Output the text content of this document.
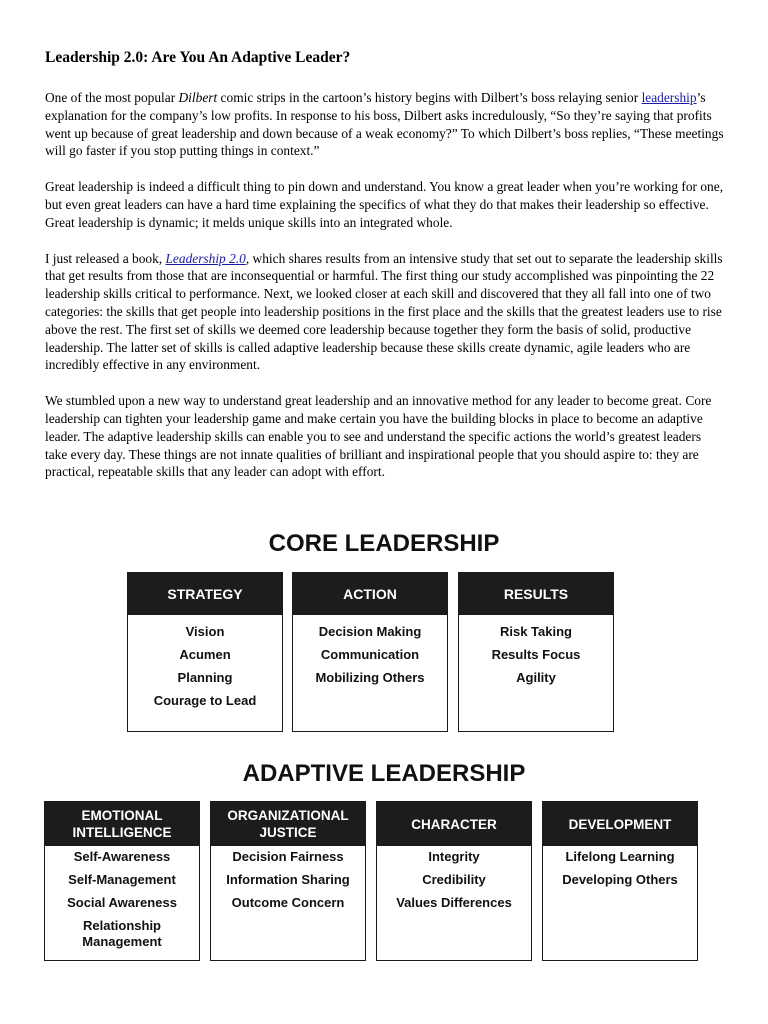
Leadership 2.0: Are You An Adaptive Leader?

One of the most popular Dilbert comic strips in the cartoon’s history begins with Dilbert’s boss relaying senior leadership’s explanation for the company’s low profits. In response to his boss, Dilbert asks incredulously, “So they’re saying that profits went up because of great leadership and down because of a weak economy?” To which Dilbert’s boss replies, “These meetings will go faster if you stop putting things in context.”

Great leadership is indeed a difficult thing to pin down and understand. You know a great leader when you’re working for one, but even great leaders can have a hard time explaining the specifics of what they do that makes their leadership so effective. Great leadership is dynamic; it melds unique skills into an integrated whole.

I just released a book, Leadership 2.0, which shares results from an intensive study that set out to separate the leadership skills that get results from those that are inconsequential or harmful. The first thing our study accomplished was pinpointing the 22 leadership skills critical to performance. Next, we looked closer at each skill and discovered that they all fall into one of two categories: the skills that get people into leadership positions in the first place and the skills that the greatest leaders use to rise above the rest. The first set of skills we deemed core leadership because together they form the basis of solid, productive leadership. The latter set of skills is called adaptive leadership because these skills create dynamic, agile leaders who are incredibly effective in any environment.

We stumbled upon a new way to understand great leadership and an innovative method for any leader to become great. Core leadership can tighten your leadership game and make certain you have the building blocks in place to become an adaptive leader. The adaptive leadership skills can enable you to see and understand the specific actions the world’s greatest leaders take every day. These things are not innate qualities of brilliant and inspirational people that you should aspire to: they are practical, repeatable skills that any leader can adopt with effort.

CORE LEADERSHIP
STRATEGY
Vision
Acumen
Planning
Courage to Lead
ACTION
Decision Making
Communication
Mobilizing Others
RESULTS
Risk Taking
Results Focus
Agility
ADAPTIVE LEADERSHIP
EMOTIONAL INTELLIGENCE
Self-Awareness
Self-Management
Social Awareness
Relationship Management
ORGANIZATIONAL JUSTICE
Decision Fairness
Information Sharing
Outcome Concern
CHARACTER
Integrity
Credibility
Values Differences
DEVELOPMENT
Lifelong Learning
Developing Others
